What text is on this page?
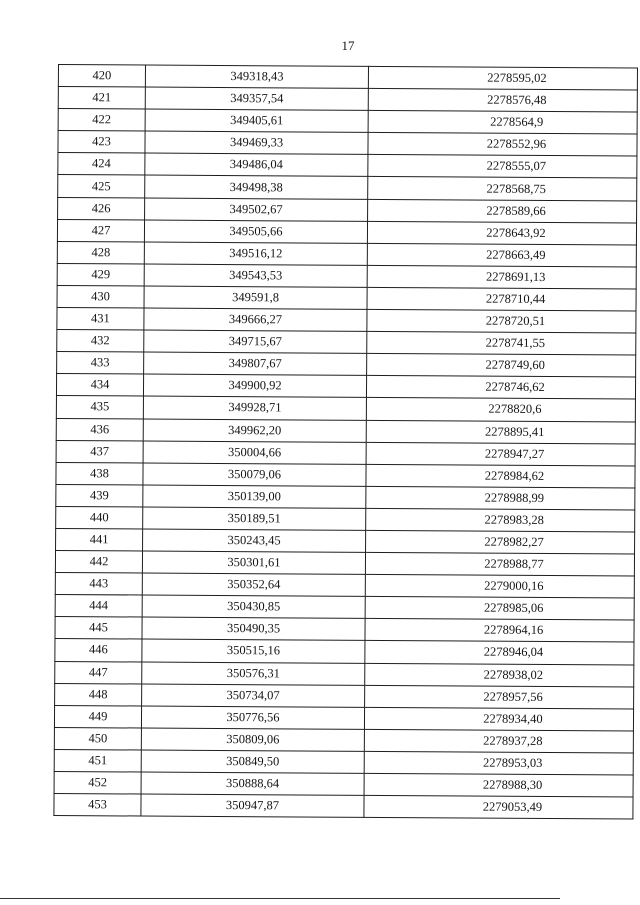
17
420	349318,43	2278595,02
421	349357,54	2278576,48
422	349405,61	2278564,9
423	349469,33	2278552,96
424	349486,04	2278555,07
425	349498,38	2278568,75
426	349502,67	2278589,66
427	349505,66	2278643,92
428	349516,12	2278663,49
429	349543,53	2278691,13
430	349591,8	2278710,44
431	349666,27	2278720,51
432	349715,67	2278741,55
433	349807,67	2278749,60
434	349900,92	2278746,62
435	349928,71	2278820,6
436	349962,20	2278895,41
437	350004,66	2278947,27
438	350079,06	2278984,62
439	350139,00	2278988,99
440	350189,51	2278983,28
441	350243,45	2278982,27
442	350301,61	2278988,77
443	350352,64	2279000,16
444	350430,85	2278985,06
445	350490,35	2278964,16
446	350515,16	2278946,04
447	350576,31	2278938,02
448	350734,07	2278957,56
449	350776,56	2278934,40
450	350809,06	2278937,28
451	350849,50	2278953,03
452	350888,64	2278988,30
453	350947,87	2279053,49
